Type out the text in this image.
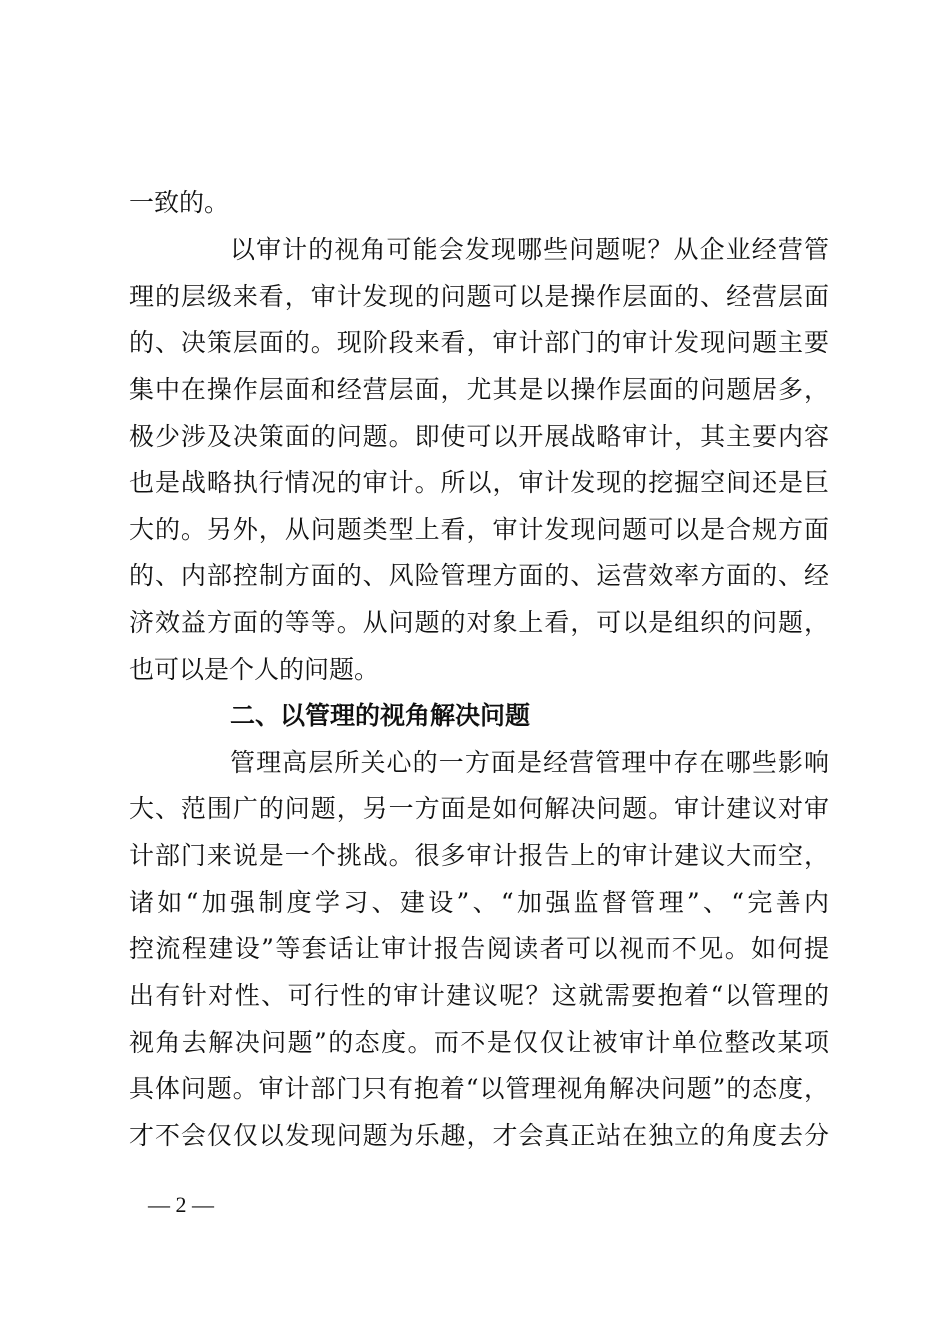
一致的。
以审计的视角可能会发现哪些问题呢？从企业经营管
理的层级来看，审计发现的问题可以是操作层面的、经营层面
的、决策层面的。现阶段来看，审计部门的审计发现问题主要
集中在操作层面和经营层面，尤其是以操作层面的问题居多，
极少涉及决策面的问题。即使可以开展战略审计，其主要内容
也是战略执行情况的审计。所以，审计发现的挖掘空间还是巨
大的。另外，从问题类型上看，审计发现问题可以是合规方面
的、内部控制方面的、风险管理方面的、运营效率方面的、经
济效益方面的等等。从问题的对象上看，可以是组织的问题，
也可以是个人的问题。
二、以管理的视角解决问题
管理高层所关心的一方面是经营管理中存在哪些影响
大、范围广的问题，另一方面是如何解决问题。审计建议对审
计部门来说是一个挑战。很多审计报告上的审计建议大而空，
诸如“加强制度学习、建设”、“加强监督管理”、“完善内
控流程建设”等套话让审计报告阅读者可以视而不见。如何提
出有针对性、可行性的审计建议呢？这就需要抱着“以管理的
视角去解决问题”的态度。而不是仅仅让被审计单位整改某项
具体问题。审计部门只有抱着“以管理视角解决问题”的态度，
才不会仅仅以发现问题为乐趣，才会真正站在独立的角度去分
— 2 —
